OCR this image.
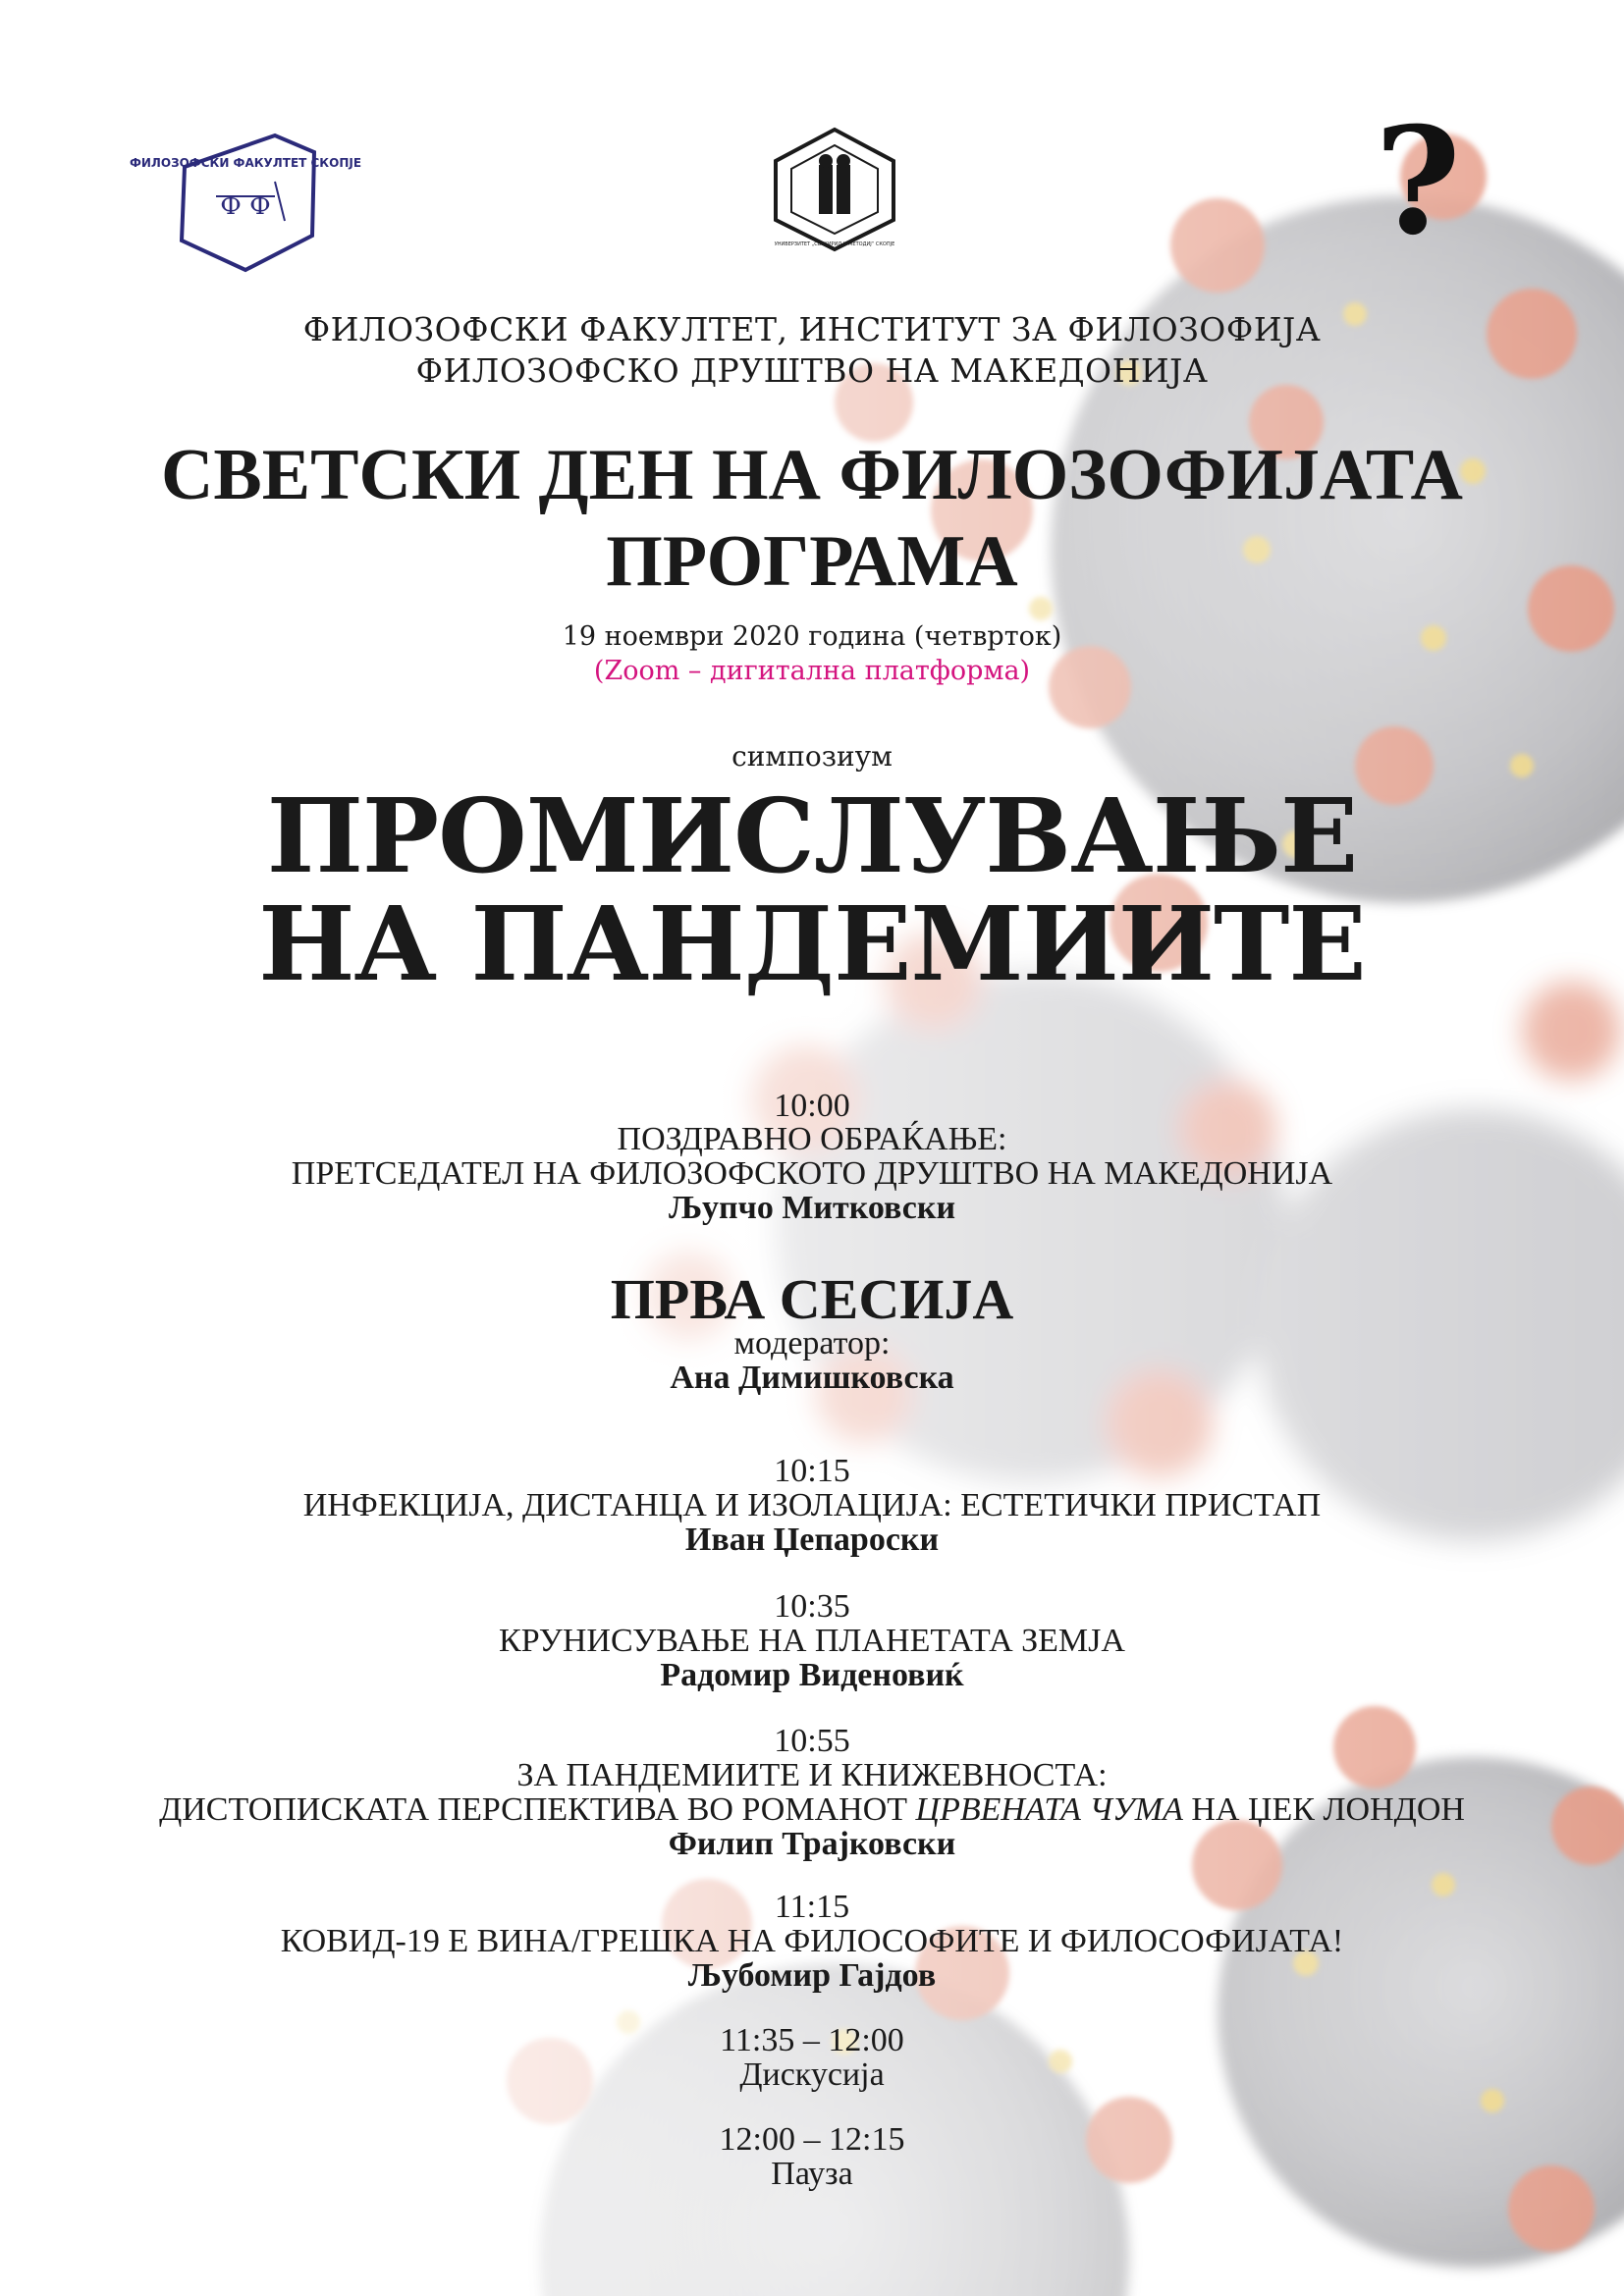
ФИЛОЗОФСКИ ФАКУЛТЕТ СКОПЈЕ
Ф Ф
УНИВЕРЗИТЕТ „СВ. КИРИЛ И МЕТОДИЈ“ СКОПЈЕ	?
ФИЛОЗОФСКИ ФАКУЛТЕТ, ИНСТИТУТ ЗА ФИЛОЗОФИЈА
ФИЛОЗОФСКО ДРУШТВО НА МАКЕДОНИЈА
СВЕТСКИ ДЕН НА ФИЛОЗОФИЈАТА
ПРОГРАМА
19 ноември 2020 година (четврток)
(Zoom – дигитална платформа)
симпозиум
ПРОМИСЛУВАЊЕ
НА ПАНДЕМИИТЕ
10:00
ПОЗДРАВНО ОБРАЌАЊЕ:
ПРЕТСЕДАТЕЛ НА ФИЛОЗОФСКОТО ДРУШТВО НА МАКЕДОНИЈА
Љупчо Митковски
ПРВА СЕСИЈА
модератор:
Ана Димишковска
10:15
ИНФЕКЦИЈА, ДИСТАНЦА И ИЗОЛАЦИЈА: ЕСТЕТИЧКИ ПРИСТАП
Иван Џепароски
10:35
КРУНИСУВАЊЕ НА ПЛАНЕТАТА ЗЕМЈА
Радомир Виденовиќ
10:55
ЗА ПАНДЕМИИТЕ И КНИЖЕВНОСТА:
ДИСТОПИСКАТА ПЕРСПЕКТИВА ВО РОМАНОТ ЦРВЕНАТА ЧУМА НА ЏЕК ЛОНДОН
Филип Трајковски
11:15
КОВИД-19 Е ВИНА/ГРЕШКА НА ФИЛОСОФИТЕ И ФИЛОСОФИЈАТА!
Љубомир Гајдов
11:35 – 12:00
Дискусија
12:00 – 12:15
Пауза
